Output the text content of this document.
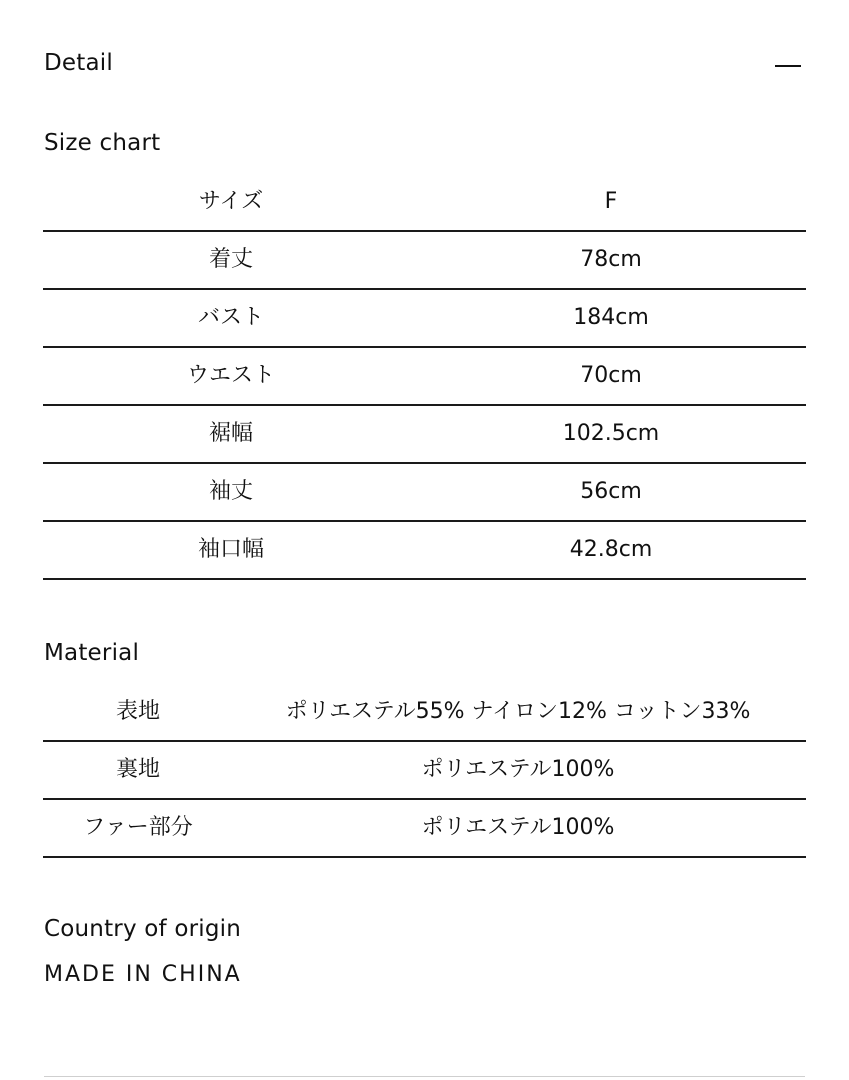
Detail
Size chart
サイズ	F
着丈	78cm
バスト	184cm
ウエスト	70cm
裾幅	102.5cm
袖丈	56cm
袖口幅	42.8cm
Material
表地	ポリエステル55% ナイロン12% コットン33%
裏地	ポリエステル100%
ファー部分	ポリエステル100%
Country of origin
MADE IN CHINA
